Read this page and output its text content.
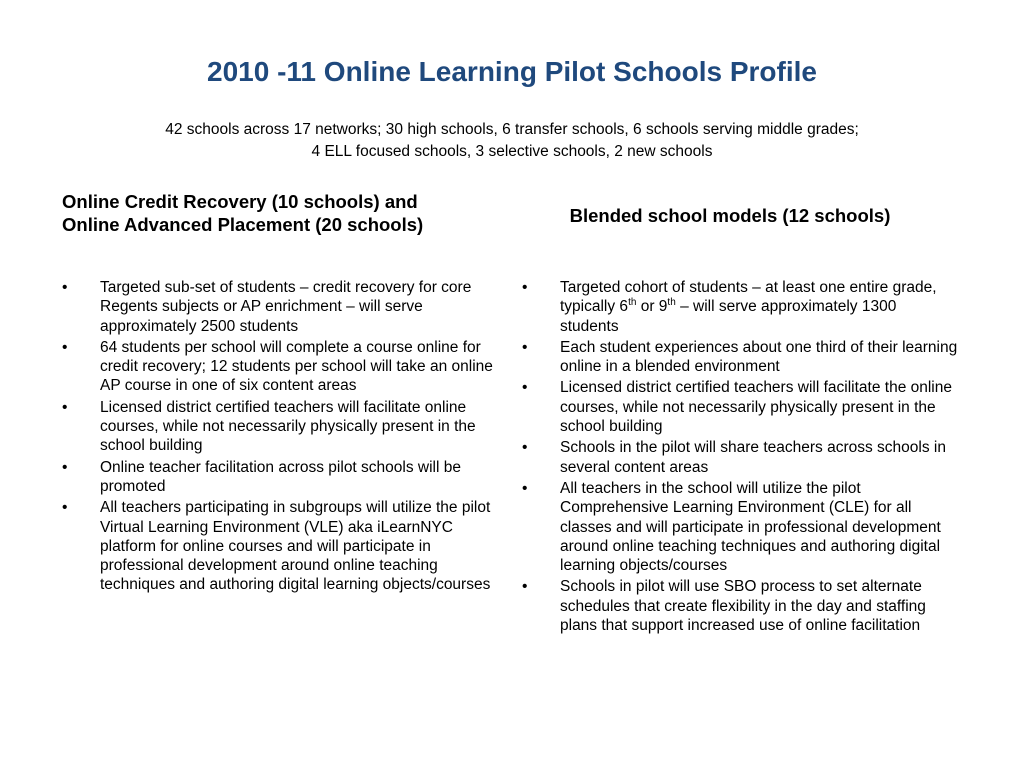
2010 -11 Online Learning Pilot Schools Profile
42 schools across 17 networks; 30 high schools, 6 transfer schools, 6 schools serving middle grades;
4 ELL focused schools, 3 selective schools, 2 new schools
Online Credit Recovery (10 schools) and
Online Advanced Placement (20 schools)	Blended school models (12 schools)
•	Targeted sub-set of students – credit recovery for core Regents subjects or AP enrichment – will serve approximately 2500 students
•	64 students per school will complete a course online for credit recovery; 12 students per school will take an online AP course in one of six content areas
•	Licensed district certified teachers will facilitate online courses, while not necessarily physically present in the school building
•	Online teacher facilitation across pilot schools will be promoted
•	All teachers participating in subgroups will utilize the pilot Virtual Learning Environment (VLE) aka iLearnNYC platform for online courses and will participate in professional development around online teaching techniques and authoring digital learning objects/courses
•	Targeted cohort of students – at least one entire grade, typically 6th or 9th – will serve approximately 1300 students
•	Each student experiences about one third of their learning online in a blended environment
•	Licensed district certified teachers will facilitate the online courses, while not necessarily physically present in the school building
•	Schools in the pilot will share teachers across schools in several content areas
•	All teachers in the school will utilize the pilot Comprehensive Learning Environment (CLE) for all classes and will participate in professional development around online teaching techniques and authoring digital learning objects/courses
•	Schools in pilot will use SBO process to set alternate schedules that create flexibility in the day and staffing plans that support increased use of online facilitation
